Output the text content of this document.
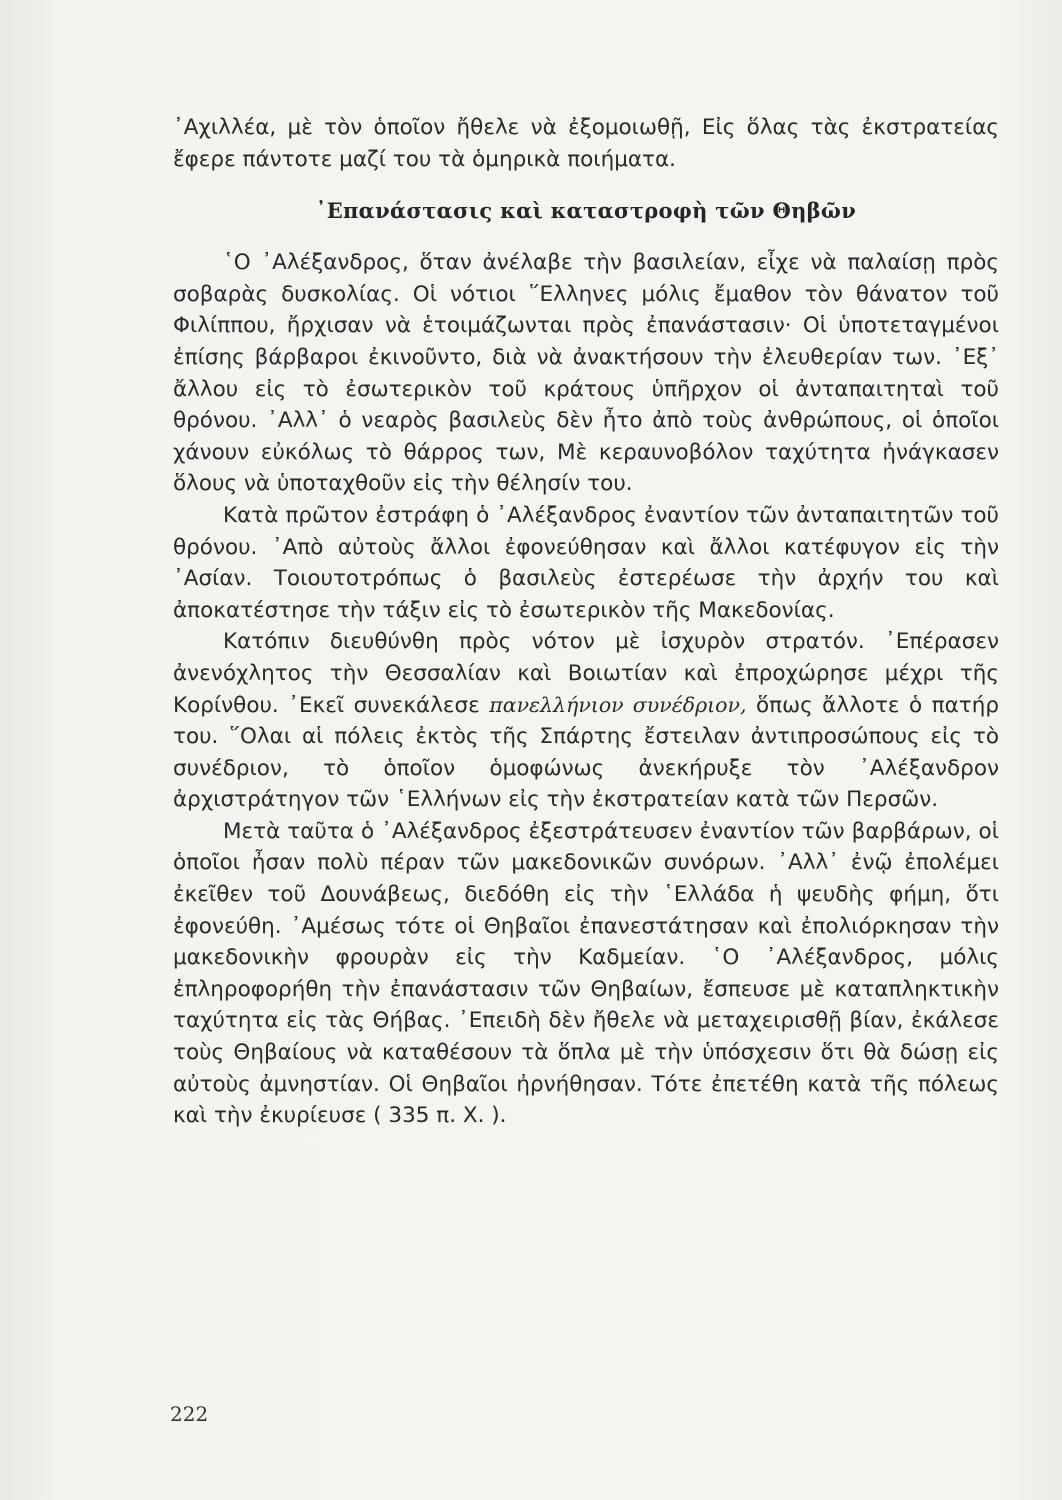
᾿Αχιλλέα, μὲ τὸν ὁποῖον ἤθελε νὰ ἐξομοιωθῇ, Εἰς ὅλας τὰς ἐκστρατείας ἔφερε πάντοτε μαζί του τὰ ὁμηρικὰ ποιήματα.

᾿Επανάστασις καὶ καταστροφὴ τῶν Θηβῶν

῾Ο ᾿Αλέξανδρος, ὅταν ἀνέλαβε τὴν βασιλείαν, εἶχε νὰ παλαίσῃ πρὸς σοβαρὰς δυσκολίας. Οἱ νότιοι ῞Ελληνες μόλις ἔμαθον τὸν θάνατον τοῦ Φιλίππου, ἤρχισαν νὰ ἑτοιμάζωνται πρὸς ἐπανάστασιν· Οἱ ὑποτεταγμένοι ἐπίσης βάρβαροι ἐκινοῦντο, διὰ νὰ ἀνακτήσουν τὴν ἐλευθερίαν των. ᾿Εξ᾿ ἄλλου εἰς τὸ ἐσωτερικὸν τοῦ κράτους ὑπῆρχον οἱ ἀνταπαιτηταὶ τοῦ θρόνου. ᾿Αλλ᾿ ὁ νεαρὸς βασιλεὺς δὲν ἦτο ἀπὸ τοὺς ἀνθρώπους, οἱ ὁποῖοι χάνουν εὐκόλως τὸ θάρρος των, Μὲ κεραυνοβόλον ταχύτητα ἠνάγκασεν ὅλους νὰ ὑποταχθοῦν εἰς τὴν θέλησίν του.

Κατὰ πρῶτον ἐστράφη ὁ ᾿Αλέξανδρος ἐναντίον τῶν ἀνταπαιτητῶν τοῦ θρόνου. ᾿Απὸ αὐτοὺς ἄλλοι ἐφονεύθησαν καὶ ἄλλοι κατέφυγον εἰς τὴν ᾿Ασίαν. Τοιουτοτρόπως ὁ βασιλεὺς ἐστερέωσε τὴν ἀρχήν του καὶ ἀποκατέστησε τὴν τάξιν εἰς τὸ ἐσωτερικὸν τῆς Μακεδονίας.

Κατόπιν διευθύνθη πρὸς νότον μὲ ἰσχυρὸν στρατόν. ᾿Επέρασεν ἀνενόχλητος τὴν Θεσσαλίαν καὶ Βοιωτίαν καὶ ἐπροχώρησε μέχρι τῆς Κορίνθου. ᾿Εκεῖ συνεκάλεσε πανελλήνιον συνέδριον, ὅπως ἄλλοτε ὁ πατήρ του. ῞Ολαι αἱ πόλεις ἐκτὸς τῆς Σπάρτης ἔστειλαν ἀντιπροσώπους εἰς τὸ συνέδριον, τὸ ὁποῖον ὁμοφώνως ἀνεκήρυξε τὸν ᾿Αλέξανδρον ἀρχιστράτηγον τῶν ῾Ελλήνων εἰς τὴν ἐκστρατείαν κατὰ τῶν Περσῶν.

Μετὰ ταῦτα ὁ ᾿Αλέξανδρος ἐξεστράτευσεν ἐναντίον τῶν βαρβάρων, οἱ ὁποῖοι ἦσαν πολὺ πέραν τῶν μακεδονικῶν συνόρων. ᾿Αλλ᾿ ἐνῷ ἐπολέμει ἐκεῖθεν τοῦ Δουνάβεως, διεδόθη εἰς τὴν ῾Ελλάδα ἡ ψευδὴς φήμη, ὅτι ἐφονεύθη. ᾿Αμέσως τότε οἱ Θηβαῖοι ἐπανεστάτησαν καὶ ἐπολιόρκησαν τὴν μακεδονικὴν φρουρὰν εἰς τὴν Καδμείαν. ῾Ο ᾿Αλέξανδρος, μόλις ἐπληροφορήθη τὴν ἐπανάστασιν τῶν Θηβαίων, ἔσπευσε μὲ καταπληκτικὴν ταχύτητα εἰς τὰς Θήβας. ᾿Επειδὴ δὲν ἤθελε νὰ μεταχειρισθῇ βίαν, ἐκάλεσε τοὺς Θηβαίους νὰ καταθέσουν τὰ ὅπλα μὲ τὴν ὑπόσχεσιν ὅτι θὰ δώσῃ εἰς αὐτοὺς ἀμνηστίαν. Οἱ Θηβαῖοι ἠρνήθησαν. Τότε ἐπετέθη κατὰ τῆς πόλεως καὶ τὴν ἐκυρίευσε ( 335 π. Χ. ).

222
